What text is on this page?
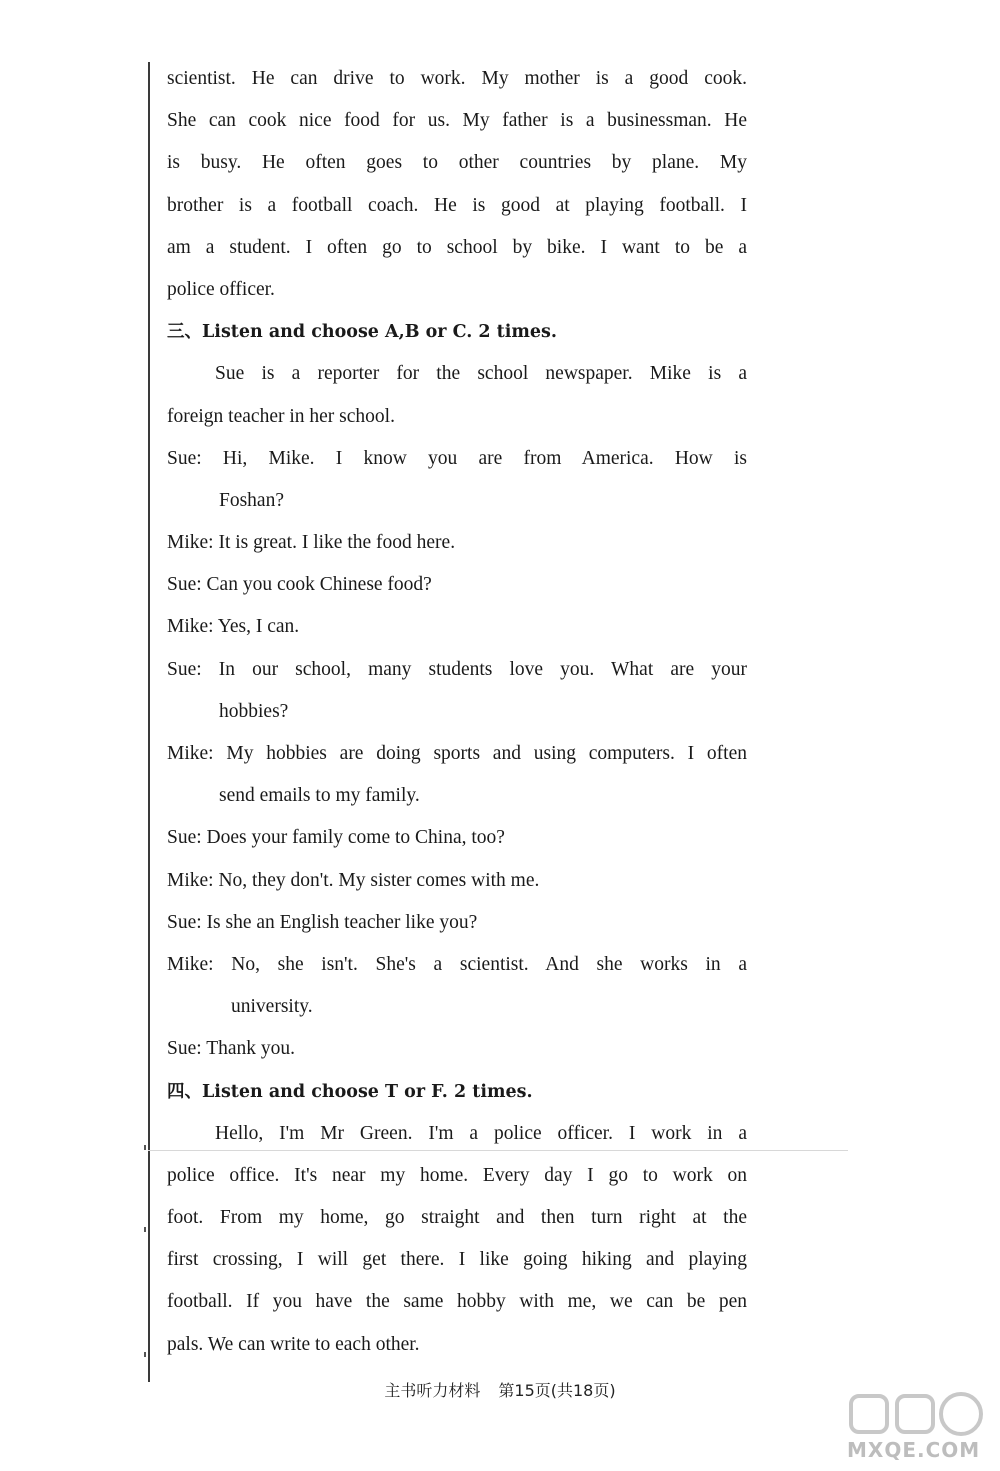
scientist. He can drive to work. My mother is a good cook.
She can cook nice food for us. My father is a businessman. He
is busy. He often goes to other countries by plane. My
brother is a football coach. He is good at playing football. I
am a student. I often go to school by bike. I want to be a
police officer.
三、Listen and choose A,B or C. 2 times.
Sue is a reporter for the school newspaper. Mike is a
foreign teacher in her school.
Sue: Hi, Mike. I know you are from America. How is
Foshan?
Mike: It is great. I like the food here.
Sue: Can you cook Chinese food?
Mike: Yes, I can.
Sue: In our school, many students love you. What are your
hobbies?
Mike: My hobbies are doing sports and using computers. I often
send emails to my family.
Sue: Does your family come to China, too?
Mike: No, they don't. My sister comes with me.
Sue: Is she an English teacher like you?
Mike: No, she isn't. She's a scientist. And she works in a
university.
Sue: Thank you.
四、Listen and choose T or F. 2 times.
Hello, I'm Mr Green. I'm a police officer. I work in a
police office. It's near my home. Every day I go to work on
foot. From my home, go straight and then turn right at the
first crossing, I will get there. I like going hiking and playing
football. If you have the same hobby with me, we can be pen
pals. We can write to each other.
主书听力材料 第15页(共18页)
MXQE.COM
